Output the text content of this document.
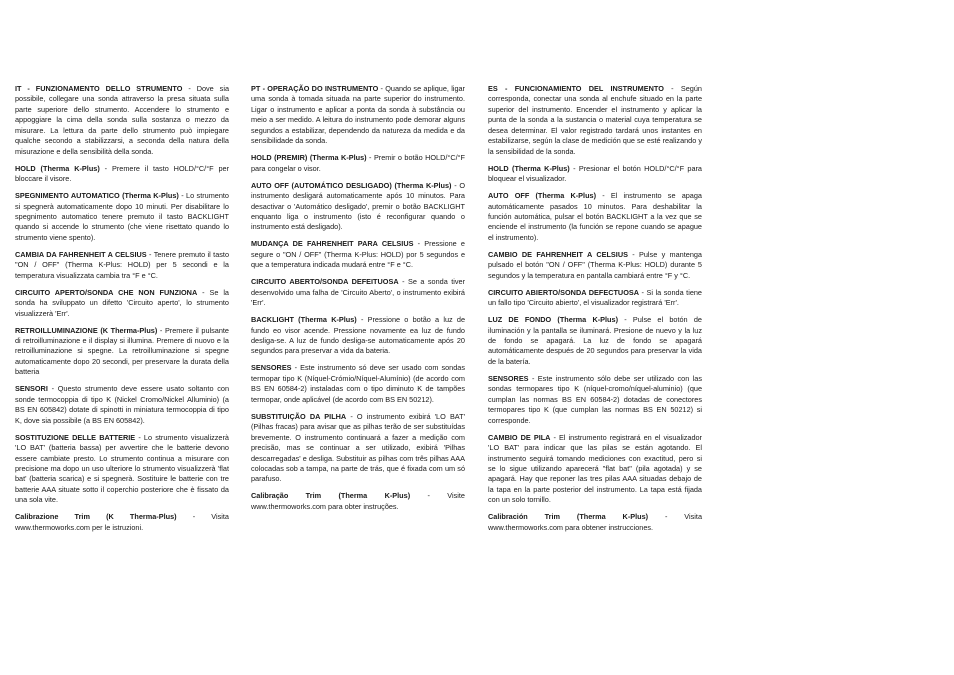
IT - FUNZIONAMENTO DELLO STRUMENTO - Dove sia possibile, collegare una sonda attraverso la presa situata sulla parte superiore dello strumento. Accendere lo strumento e appoggiare la cima della sonda sulla sostanza o mezzo da misurare. La lettura da parte dello strumento può impiegare qualche secondo a stabilizzarsi, a seconda della natura della misurazione e della sensibilità della sonda.

HOLD (Therma K-Plus) - Premere il tasto HOLD/°C/°F per bloccare il visore.

SPEGNIMENTO AUTOMATICO (Therma K-Plus) - Lo strumento si spegnerà automaticamente dopo 10 minuti. Per disabilitare lo spegnimento automatico tenere premuto il tasto BACKLIGHT quando si accende lo strumento (che viene risettato quando lo strumento viene spento).

CAMBIA DA FAHRENHEIT A CELSIUS - Tenere premuto il tasto "ON / OFF" (Therma K-Plus: HOLD) per 5 secondi e la temperatura visualizzata cambia tra °F e °C.

CIRCUITO APERTO/SONDA CHE NON FUNZIONA - Se la sonda ha sviluppato un difetto 'Circuito aperto', lo strumento visualizzerà 'Err'.

RETROILLUMINAZIONE (K Therma-Plus) - Premere il pulsante di retroilluminazione e il display si illumina. Premere di nuovo e la retroilluminazione si spegne. La retroilluminazione si spegne automaticamente dopo 20 secondi, per preservare la durata della batteria

SENSORI - Questo strumento deve essere usato soltanto con sonde termocoppia di tipo K (Nickel Cromo/Nickel Alluminio) (a BS EN 605842) dotate di spinotti in miniatura termocoppia di tipo K, dove sia possibile (a BS EN 605842).

SOSTITUZIONE DELLE BATTERIE - Lo strumento visualizzerà 'LO BAT' (batteria bassa) per avvertire che le batterie devono essere cambiate presto. Lo strumento continua a misurare con precisione ma dopo un uso ulteriore lo strumento visualizzerà 'flat bat' (batteria scarica) e si spegnerà. Sostituire le batterie con tre batterie AAA situate sotto il coperchio posteriore che è fissato da una sola vite.

Calibrazione Trim (K Therma-Plus) - Visita www.thermoworks.com per le istruzioni.

PT - OPERAÇÃO DO INSTRUMENTO - Quando se aplique, ligar uma sonda à tomada situada na parte superior do instrumento. Ligar o instrumento e aplicar a ponta da sonda à substância ou meio a ser medido. A leitura do instrumento pode demorar alguns segundos a estabilizar, dependendo da natureza da medida e da sensibilidade da sonda.

HOLD (PREMIR) (Therma K-Plus) - Premir o botão HOLD/°C/°F para congelar o visor.

AUTO OFF (AUTOMÁTICO DESLIGADO) (Therma K-Plus) - O instrumento desligará automaticamente após 10 minutos. Para desactivar o 'Automático desligado', premir o botão BACKLIGHT enquanto liga o instrumento (isto é reconfigurar quando o instrumento está desligado).

MUDANÇA DE FAHRENHEIT PARA CELSIUS - Pressione e segure o "ON / OFF" (Therma K-Plus: HOLD) por 5 segundos e que a temperatura indicada mudará entre °F e °C.

CIRCUITO ABERTO/SONDA DEFEITUOSA - Se a sonda tiver desenvolvido uma falha de 'Circuito Aberto', o instrumento exibirá 'Err'.

BACKLIGHT (Therma K-Plus) - Pressione o botão a luz de fundo eo visor acende. Pressione novamente ea luz de fundo desliga-se. A luz de fundo desliga-se automaticamente após 20 segundos para preservar a vida da bateria.

SENSORES - Este instrumento só deve ser usado com sondas termopar tipo K (Níquel-Crómio/Níquel-Alumínio) (de acordo com BS EN 60584-2) instaladas com o tipo diminuto K de tampões termopar, onde aplicável (de acordo com BS EN 50212).

SUBSTITUIÇÃO DA PILHA - O instrumento exibirá 'LO BAT' (Pilhas fracas) para avisar que as pilhas terão de ser substituídas brevemente. O instrumento continuará a fazer a medição com precisão, mas se continuar a ser utilizado, exibirá 'Pilhas descarregadas' e desliga. Substituir as pilhas com três pilhas AAA colocadas sob a tampa, na parte de trás, que é fixada com um só parafuso.

Calibração Trim (Therma K-Plus) - Visite www.thermoworks.com para obter instruções.

ES - FUNCIONAMIENTO DEL INSTRUMENTO - Según corresponda, conectar una sonda al enchufe situado en la parte superior del instrumento. Encender el instrumento y aplicar la punta de la sonda a la sustancia o material cuya temperatura se desea determinar. El valor registrado tardará unos instantes en estabilizarse, según la clase de medición que se esté realizando y la sensibilidad de la sonda.

HOLD (Therma K-Plus) - Presionar el botón HOLD/°C/°F para bloquear el visualizador.

AUTO OFF (Therma K-Plus) - El instrumento se apaga automáticamente pasados 10 minutos. Para deshabilitar la función automática, pulsar el botón BACKLIGHT a la vez que se enciende el instrumento (la función se repone cuando se apague el instrumento).

CAMBIO DE FAHRENHEIT A CELSIUS - Pulse y mantenga pulsado el botón "ON / OFF" (Therma K-Plus: HOLD) durante 5 segundos y la temperatura en pantalla cambiará entre °F y °C.

CIRCUITO ABIERTO/SONDA DEFECTUOSA - Si la sonda tiene un fallo tipo 'Circuito abierto', el visualizador registrará 'Err'.

LUZ DE FONDO (Therma K-Plus) - Pulse el botón de iluminación y la pantalla se iluminará. Presione de nuevo y la luz de fondo se apagará. La luz de fondo se apagará automáticamente después de 20 segundos para preservar la vida de la batería.

SENSORES - Este instrumento sólo debe ser utilizado con las sondas termopares tipo K (níquel-cromo/níquel-aluminio) (que cumplan las normas BS EN 60584-2) dotadas de conectores termopares tipo K (que cumplan las normas BS EN 50212) si corresponde.

CAMBIO DE PILA - El instrumento registrará en el visualizador 'LO BAT' para indicar que las pilas se están agotando. El instrumento seguirá tomando mediciones con exactitud, pero si se lo sigue utilizando aparecerá "flat bat" (pila agotada) y se apagará. Hay que reponer las tres pilas AAA situadas debajo de la tapa en la parte posterior del instrumento. La tapa está fijada con un solo tornillo.

Calibración Trim (Therma K-Plus) - Visita www.thermoworks.com para obtener instrucciones.
